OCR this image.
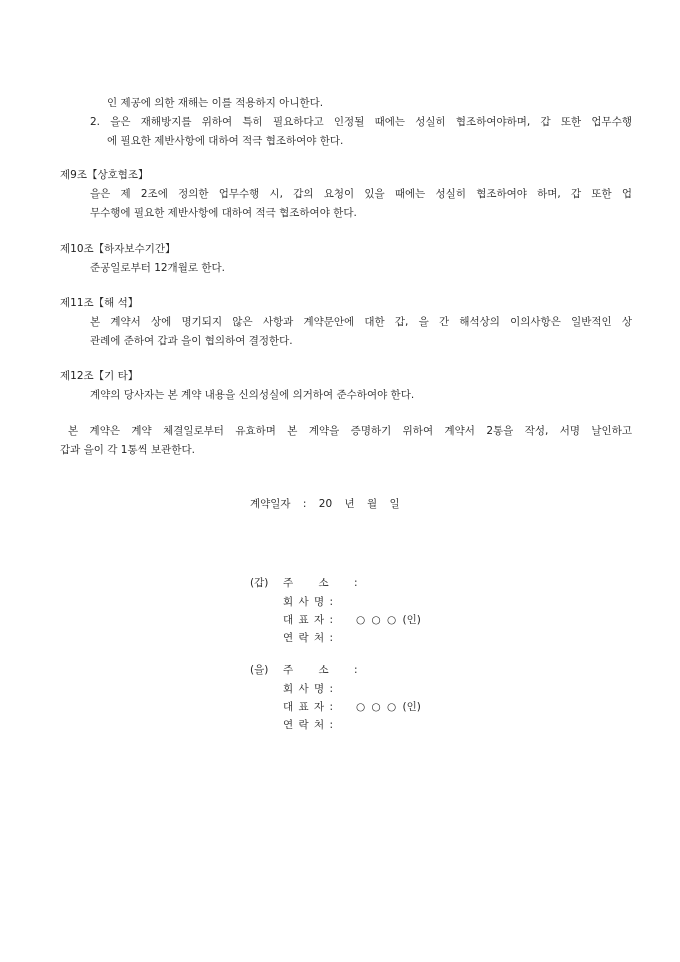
인 제공에 의한 재해는 이를 적용하지 아니한다.
2. 을은 재해방지를 위하여 특히 필요하다고 인정될 때에는 성실히 협조하여야하며, 갑 또한 업무수행
에 필요한 제반사항에 대하여 적극 협조하여야 한다.
제9조【상호협조】
을은 제 2조에 정의한 업무수행 시, 갑의 요청이 있을 때에는 성실히 협조하여야 하며, 갑 또한 업
무수행에 필요한 제반사항에 대하여 적극 협조하여야 한다.
제10조【하자보수기간】
준공일로부터 12개월로 한다.
제11조【해 석】
본 계약서 상에 명기되지 않은 사항과 계약문안에 대한 갑, 을 간 해석상의 이의사항은 일반적인 상
관례에 준하여 갑과 을이 협의하여 결정한다.
제12조【기 타】
계약의 당사자는 본 계약 내용을 신의성실에 의거하여 준수하여야 한다.
본 계약은 계약 체결일로부터 유효하며 본 계약을 증명하기 위하여 계약서 2통을 작성, 서명 날인하고
갑과 을이 각 1통씩 보관한다.
계약일자 : 20 년 월 일
(갑) 주 소 :
회 사 명 :
대 표 자 : ○ ○ ○ (인)
연 락 처 :
(을) 주 소 :
회 사 명 :
대 표 자 : ○ ○ ○ (인)
연 락 처 :
